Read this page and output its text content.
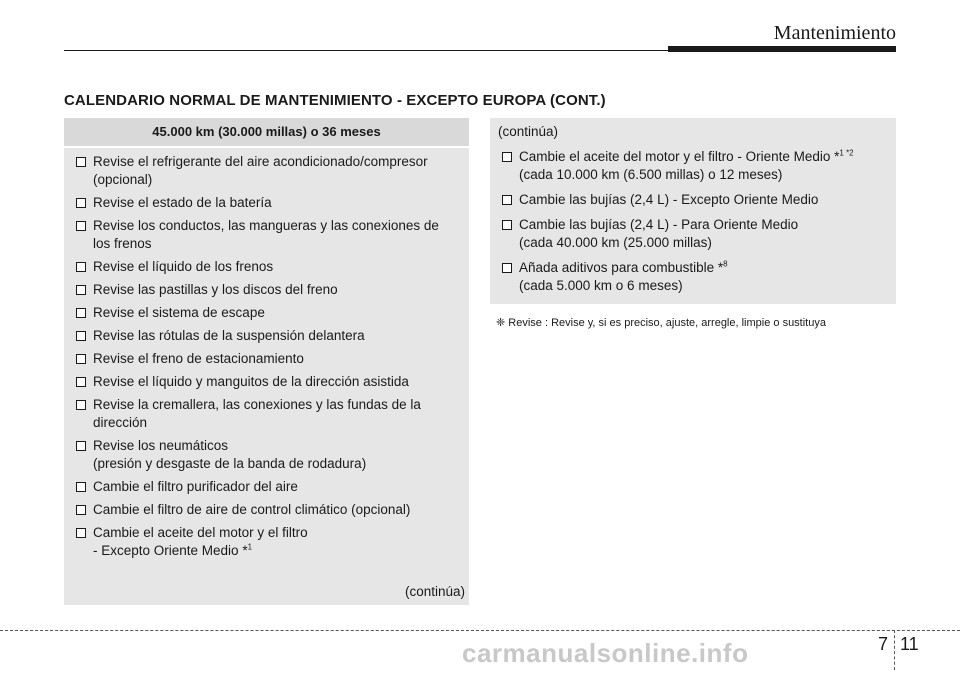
Mantenimiento
CALENDARIO NORMAL DE MANTENIMIENTO - EXCEPTO EUROPA (CONT.)
45.000 km (30.000 millas) o 36 meses
Revise el refrigerante del aire acondicionado/compresor
(opcional)
Revise el estado de la batería
Revise los conductos, las mangueras y las conexiones de
los frenos
Revise el líquido de los frenos
Revise las pastillas y los discos del freno
Revise el sistema de escape
Revise las rótulas de la suspensión delantera
Revise el freno de estacionamiento
Revise el líquido y manguitos de la dirección asistida
Revise la cremallera, las conexiones y las fundas de la
dirección
Revise los neumáticos
(presión y desgaste de la banda de rodadura)
Cambie el filtro purificador del aire
Cambie el filtro de aire de control climático (opcional)
Cambie el aceite del motor y el filtro
- Excepto Oriente Medio *$^1$
(continúa)
(continúa)
Cambie el aceite del motor y el filtro - Oriente Medio *$^{1 *2}$
(cada 10.000 km (6.500 millas) o 12 meses)
Cambie las bujías (2,4 L) - Excepto Oriente Medio
Cambie las bujías (2,4 L) - Para Oriente Medio
(cada 40.000 km (25.000 millas)
Añada aditivos para combustible *$^8$
(cada 5.000 km o 6 meses)
❈ Revise : Revise y, si es preciso, ajuste, arregle, limpie o sustituya
7 11
carmanualsonline.info
